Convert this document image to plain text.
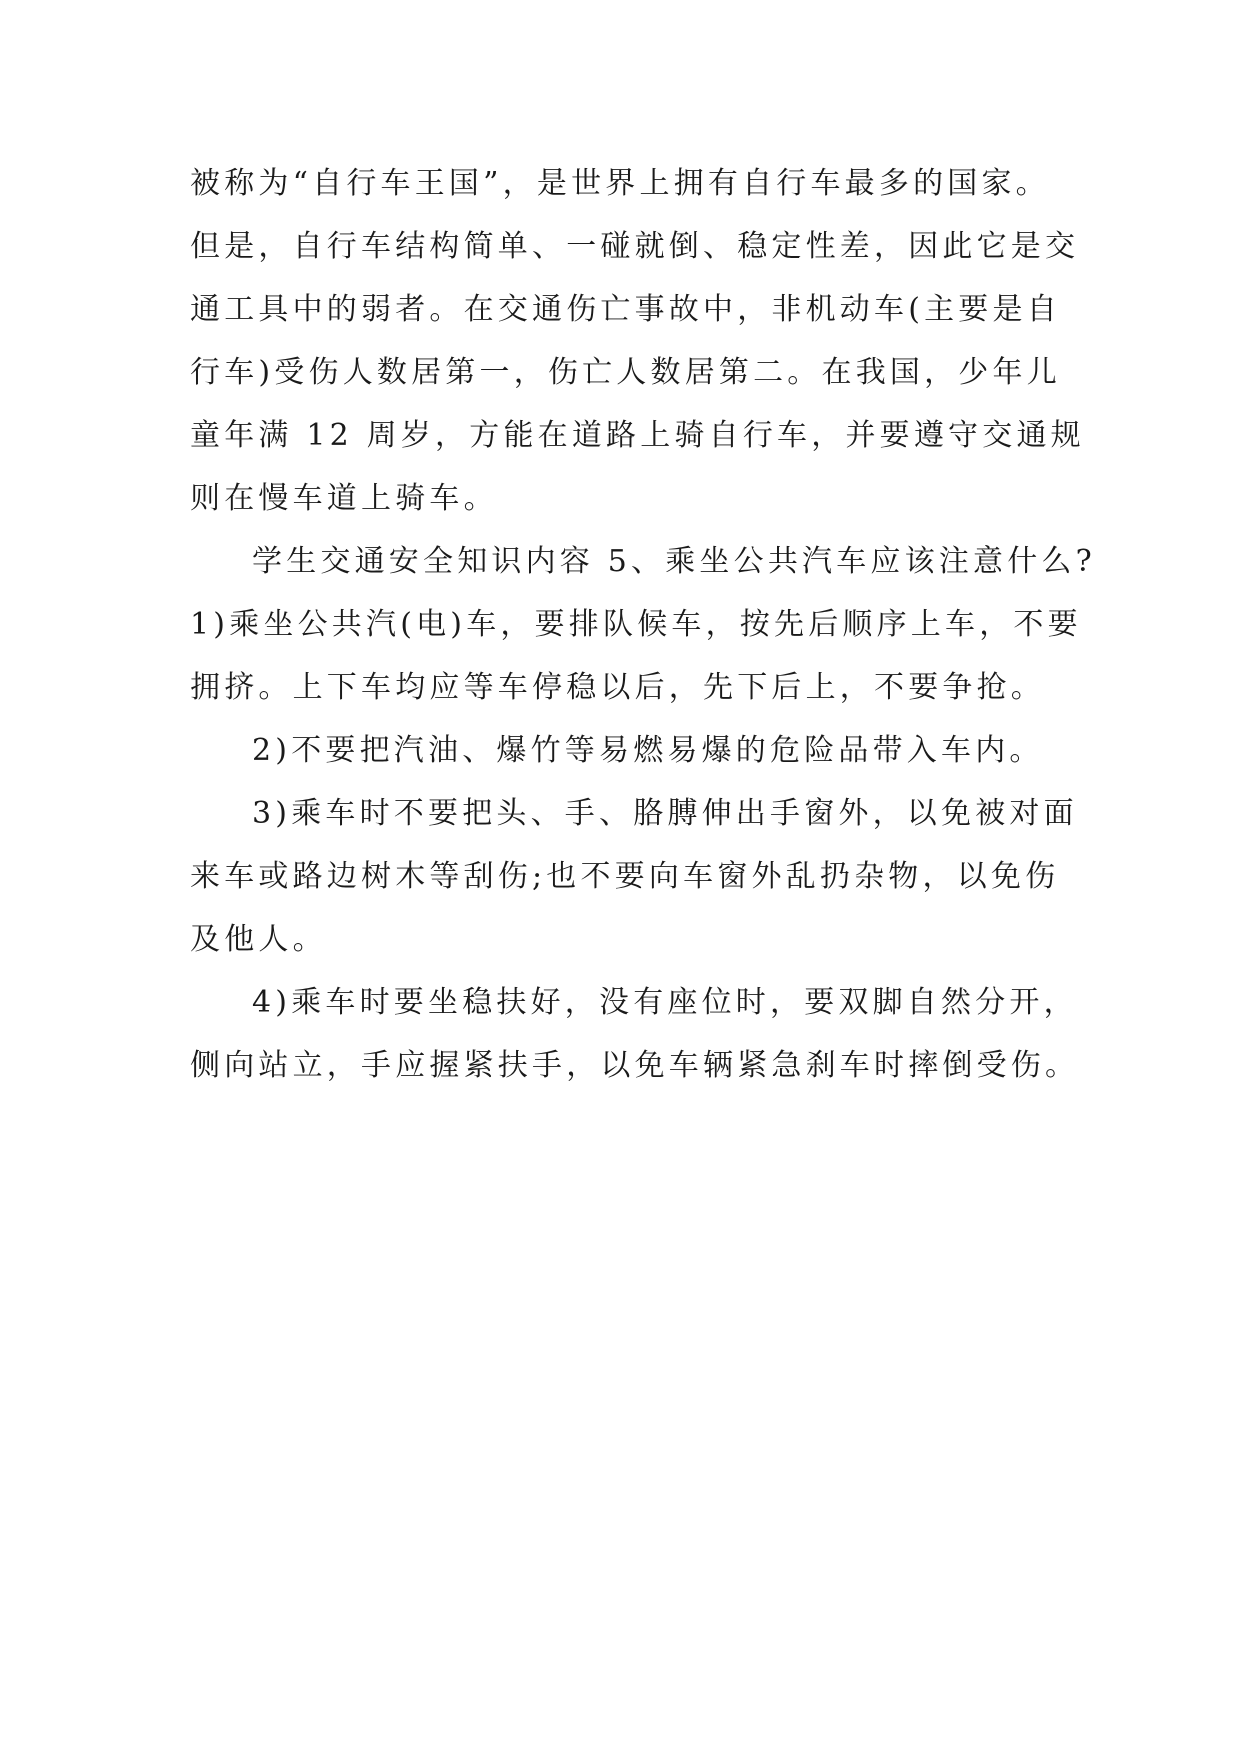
被称为“自行车王国”，是世界上拥有自行车最多的国家。
但是，自行车结构简单、一碰就倒、稳定性差，因此它是交
通工具中的弱者。在交通伤亡事故中，非机动车(主要是自
行车)受伤人数居第一，伤亡人数居第二。在我国，少年儿
童年满 12 周岁，方能在道路上骑自行车，并要遵守交通规
则在慢车道上骑车。

学生交通安全知识内容 5、乘坐公共汽车应该注意什么?
1)乘坐公共汽(电)车，要排队候车，按先后顺序上车，不要
拥挤。上下车均应等车停稳以后，先下后上，不要争抢。

2)不要把汽油、爆竹等易燃易爆的危险品带入车内。

3)乘车时不要把头、手、胳膊伸出手窗外，以免被对面
来车或路边树木等刮伤;也不要向车窗外乱扔杂物，以免伤
及他人。

4)乘车时要坐稳扶好，没有座位时，要双脚自然分开，
侧向站立，手应握紧扶手，以免车辆紧急刹车时摔倒受伤。
